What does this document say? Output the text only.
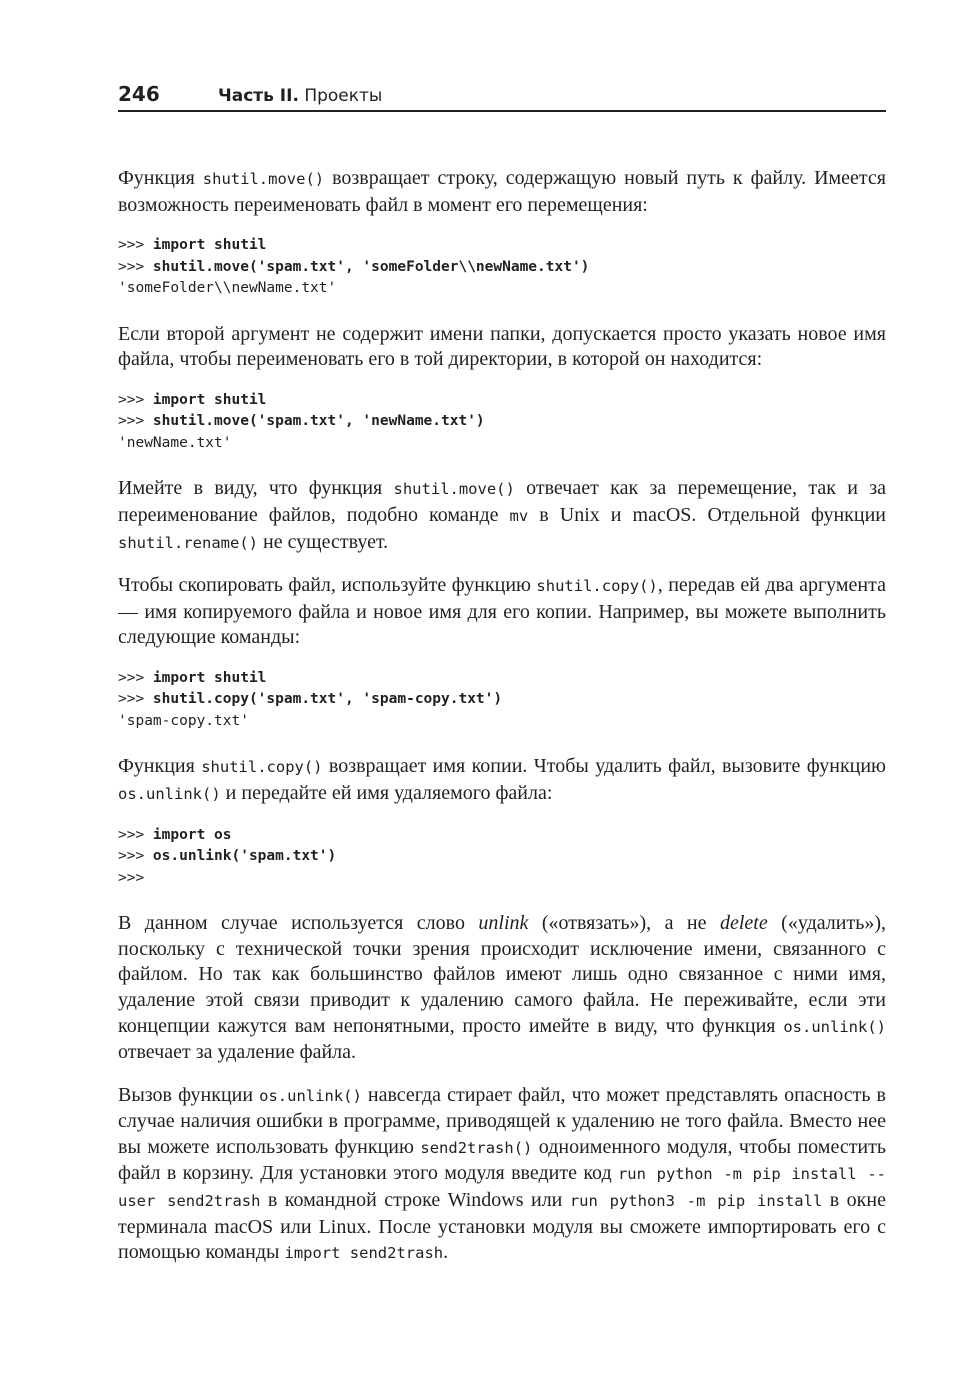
246	Часть II. Проекты

Функция shutil.move() возвращает строку, содержащую новый путь к файлу. Имеется возможность переименовать файл в момент его перемещения:

>>> import shutil
>>> shutil.move('spam.txt', 'someFolder\\newName.txt')
'someFolder\\newName.txt'

Если второй аргумент не содержит имени папки, допускается просто указать новое имя файла, чтобы переименовать его в той директории, в которой он находится:

>>> import shutil
>>> shutil.move('spam.txt', 'newName.txt')
'newName.txt'

Имейте в виду, что функция shutil.move() отвечает как за перемещение, так и за переименование файлов, подобно команде mv в Unix и macOS. Отдельной функции shutil.rename() не существует.

Чтобы скопировать файл, используйте функцию shutil.copy(), передав ей два аргумента — имя копируемого файла и новое имя для его копии. Например, вы можете выполнить следующие команды:

>>> import shutil
>>> shutil.copy('spam.txt', 'spam-copy.txt')
'spam-copy.txt'

Функция shutil.copy() возвращает имя копии. Чтобы удалить файл, вызовите функцию os.unlink() и передайте ей имя удаляемого файла:

>>> import os
>>> os.unlink('spam.txt')
>>>

В данном случае используется слово unlink («отвязать»), а не delete («удалить»), поскольку с технической точки зрения происходит исключение имени, связанного с файлом. Но так как большинство файлов имеют лишь одно связанное с ними имя, удаление этой связи приводит к удалению самого файла. Не переживайте, если эти концепции кажутся вам непонятными, просто имейте в виду, что функция os.unlink() отвечает за удаление файла.

Вызов функции os.unlink() навсегда стирает файл, что может представлять опасность в случае наличия ошибки в программе, приводящей к удалению не того файла. Вместо нее вы можете использовать функцию send2trash() одноименного модуля, чтобы поместить файл в корзину. Для установки этого модуля введите код run python -m pip install --user send2trash в командной строке Windows или run python3 -m pip install в окне терминала macOS или Linux. После установки модуля вы сможете импортировать его с помощью команды import send2trash.
